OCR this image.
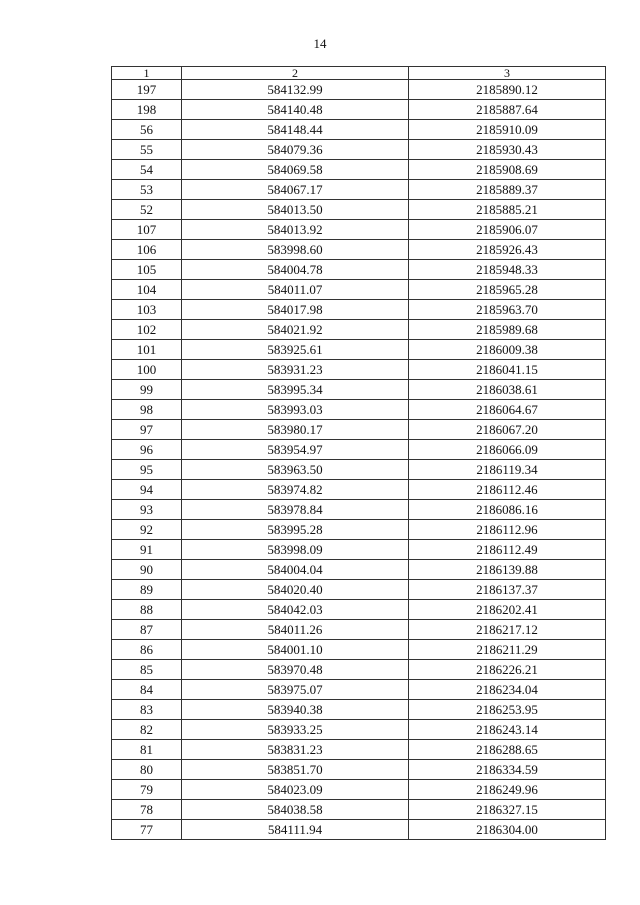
14
1	2	3
197	584132.99	2185890.12
198	584140.48	2185887.64
56	584148.44	2185910.09
55	584079.36	2185930.43
54	584069.58	2185908.69
53	584067.17	2185889.37
52	584013.50	2185885.21
107	584013.92	2185906.07
106	583998.60	2185926.43
105	584004.78	2185948.33
104	584011.07	2185965.28
103	584017.98	2185963.70
102	584021.92	2185989.68
101	583925.61	2186009.38
100	583931.23	2186041.15
99	583995.34	2186038.61
98	583993.03	2186064.67
97	583980.17	2186067.20
96	583954.97	2186066.09
95	583963.50	2186119.34
94	583974.82	2186112.46
93	583978.84	2186086.16
92	583995.28	2186112.96
91	583998.09	2186112.49
90	584004.04	2186139.88
89	584020.40	2186137.37
88	584042.03	2186202.41
87	584011.26	2186217.12
86	584001.10	2186211.29
85	583970.48	2186226.21
84	583975.07	2186234.04
83	583940.38	2186253.95
82	583933.25	2186243.14
81	583831.23	2186288.65
80	583851.70	2186334.59
79	584023.09	2186249.96
78	584038.58	2186327.15
77	584111.94	2186304.00
